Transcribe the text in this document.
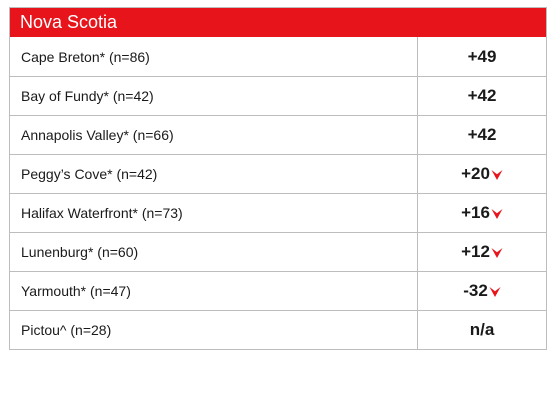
Nova Scotia
Cape Breton* (n=86)	+49
Bay of Fundy* (n=42)	+42
Annapolis Valley* (n=66)	+42
Peggy’s Cove* (n=42)	+20
Halifax Waterfront* (n=73)	+16
Lunenburg* (n=60)	+12
Yarmouth* (n=47)	-32
Pictou^ (n=28)	n/a
